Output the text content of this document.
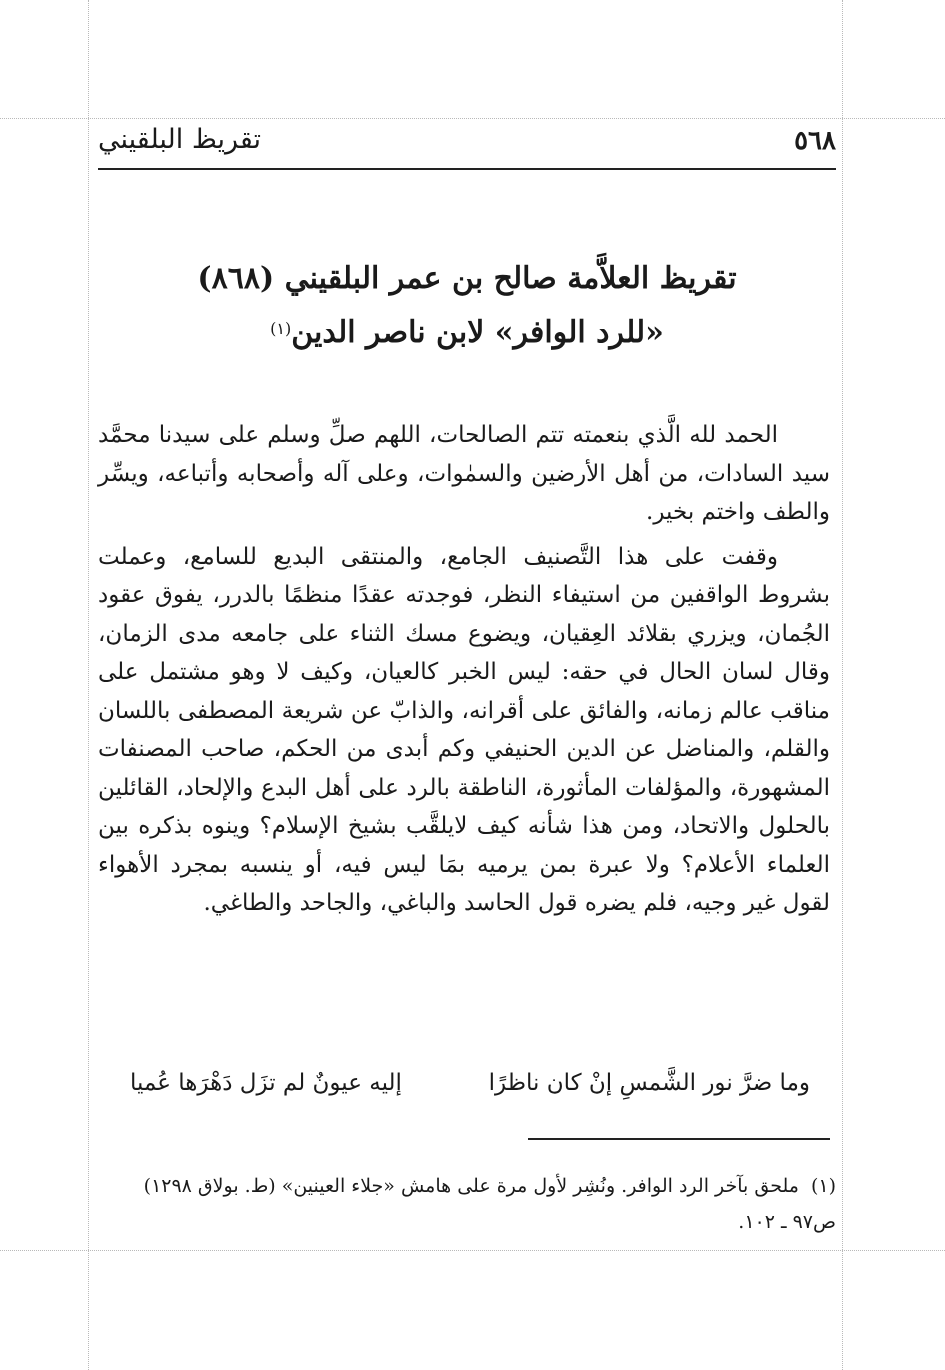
٥٦٨
تقريظ البلقيني
تقريظ العلاَّمة صالح بن عمر البلقيني (٨٦٨)
«للرد الوافر» لابن ناصر الدين$^{(١)}$

الحمد لله الَّذي بنعمته تتم الصالحات، اللهم صلِّ وسلم على سيدنا محمَّد سيد السادات، من أهل الأرضين والسمٰوات، وعلى آله وأصحابه وأتباعه، ويسِّر والطف واختم بخير.

وقفت على هذا التَّصنيف الجامع، والمنتقى البديع للسامع، وعملت بشروط الواقفين من استيفاء النظر، فوجدته عقدًا منظمًا بالدرر، يفوق عقود الجُمان، ويزري بقلائد العِقيان، ويضوع مسك الثناء على جامعه مدى الزمان، وقال لسان الحال في حقه: ليس الخبر كالعيان، وكيف لا وهو مشتمل على مناقب عالم زمانه، والفائق على أقرانه، والذابّ عن شريعة المصطفى باللسان والقلم، والمناضل عن الدين الحنيفي وكم أبدى من الحكم، صاحب المصنفات المشهورة، والمؤلفات المأثورة، الناطقة بالرد على أهل البدع والإلحاد، القائلين بالحلول والاتحاد، ومن هذا شأنه كيف لايلقَّب بشيخ الإسلام؟ وينوه بذكره بين العلماء الأعلام؟ ولا عبرة بمن يرميه بمَا ليس فيه، أو ينسبه بمجرد الأهواء لقول غير وجيه، فلم يضره قول الحاسد والباغي، والجاحد والطاغي.

وما ضرَّ نور الشَّمسِ إنْ كان ناظرًا
إليه عيونٌ لم تزَل دَهْرَها عُميا
(١)ملحق بآخر الرد الوافر. ونُشِر لأول مرة على هامش «جلاء العينين» (ط. بولاق ١٢٩٨) ص٩٧ ـ ١٠٢.
